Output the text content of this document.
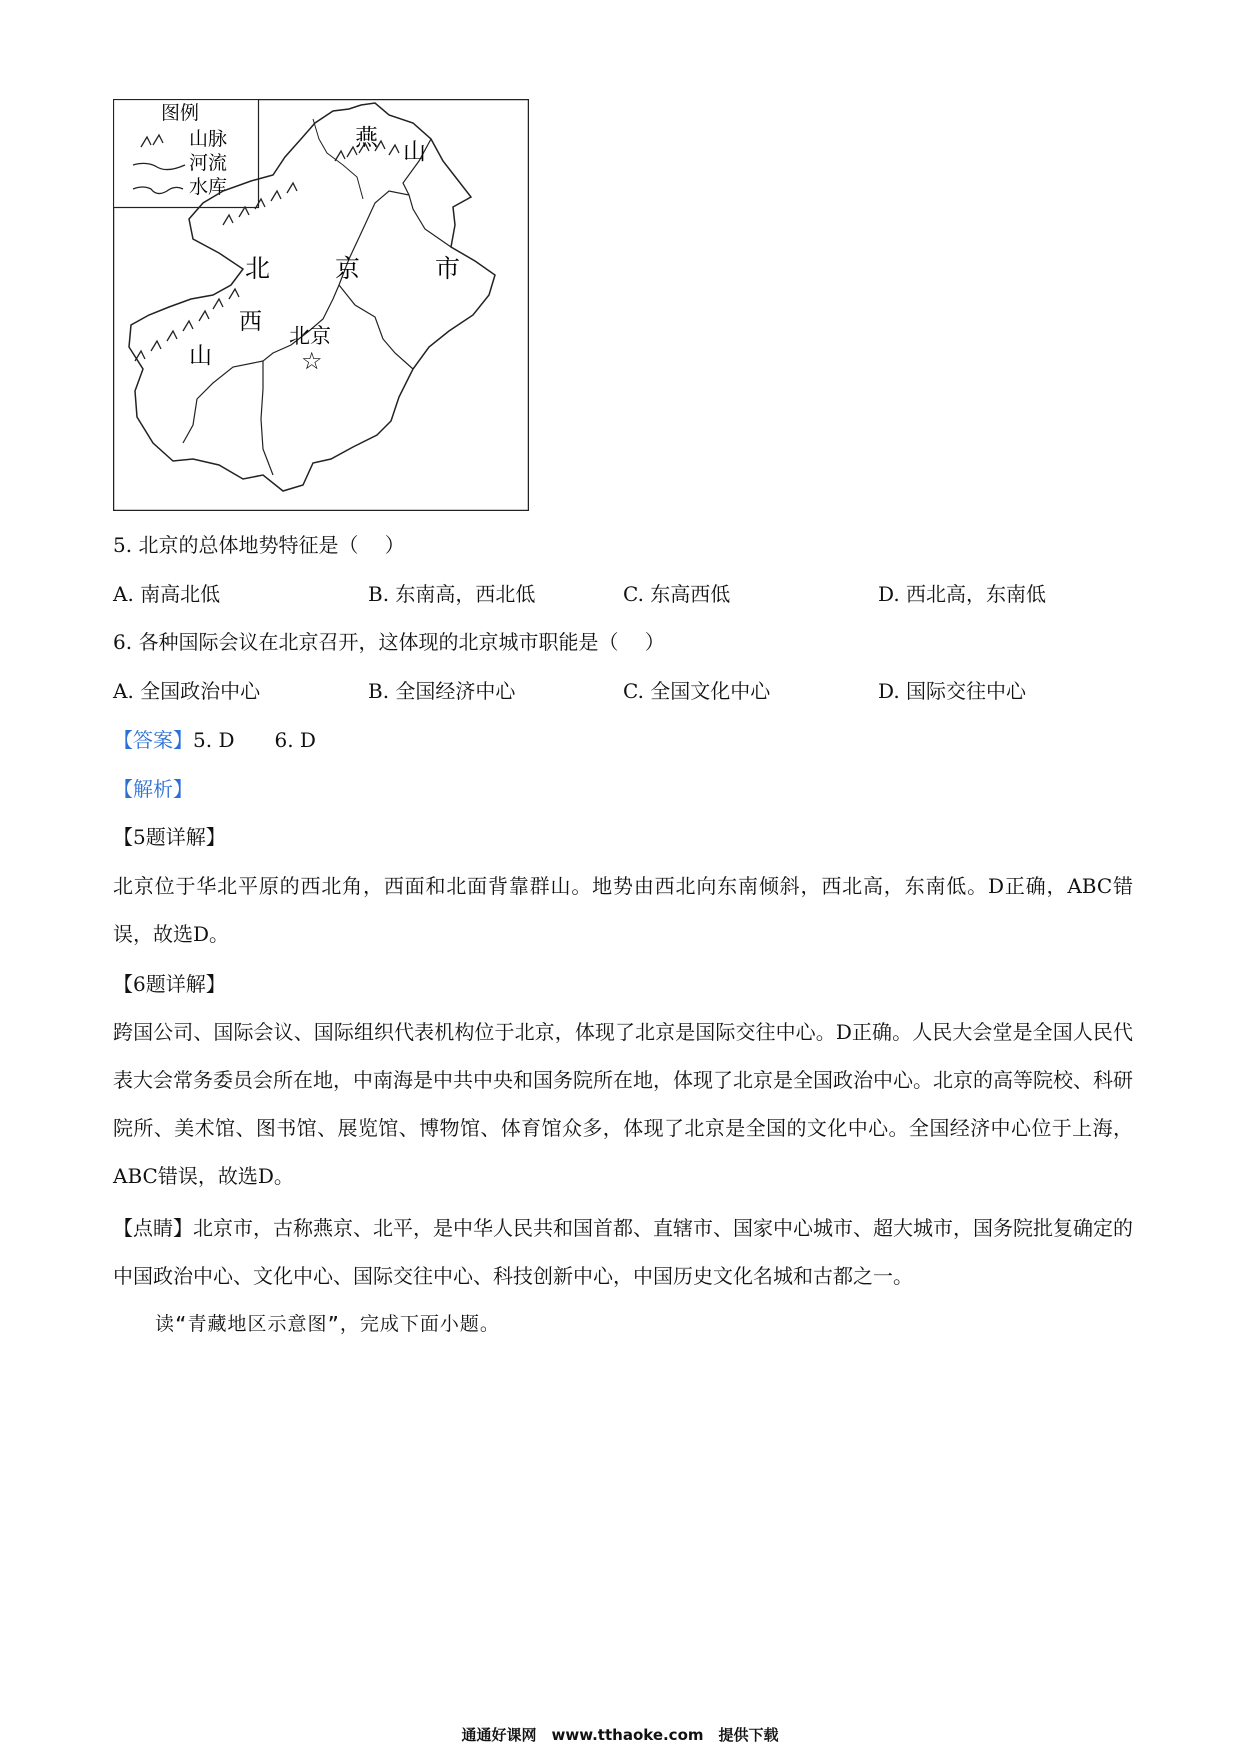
图例
山脉
河流
水库
燕
山
北	京	市
西
山
北京
☆
5. 北京的总体地势特征是（　 ）
A. 南高北低	B. 东南高，西北低	C. 东高西低	D. 西北高，东南低
6. 各种国际会议在北京召开，这体现的北京城市职能是（　 ）
A. 全国政治中心	B. 全国经济中心	C. 全国文化中心	D. 国际交往中心
【答案】5. D　　6. D
【解析】
【5题详解】
北京位于华北平原的西北角，西面和北面背靠群山。地势由西北向东南倾斜，西北高，东南低。D正确，ABC错误，故选D。
【6题详解】
跨国公司、国际会议、国际组织代表机构位于北京，体现了北京是国际交往中心。D正确。人民大会堂是全国人民代表大会常务委员会所在地，中南海是中共中央和国务院所在地，体现了北京是全国政治中心。北京的高等院校、科研院所、美术馆、图书馆、展览馆、博物馆、体育馆众多，体现了北京是全国的文化中心。全国经济中心位于上海，ABC错误，故选D。
【点睛】北京市，古称燕京、北平，是中华人民共和国首都、直辖市、国家中心城市、超大城市，国务院批复确定的中国政治中心、文化中心、国际交往中心、科技创新中心，中国历史文化名城和古都之一。
读“青藏地区示意图”，完成下面小题。
通通好课网　www.tthaoke.com　提供下载
